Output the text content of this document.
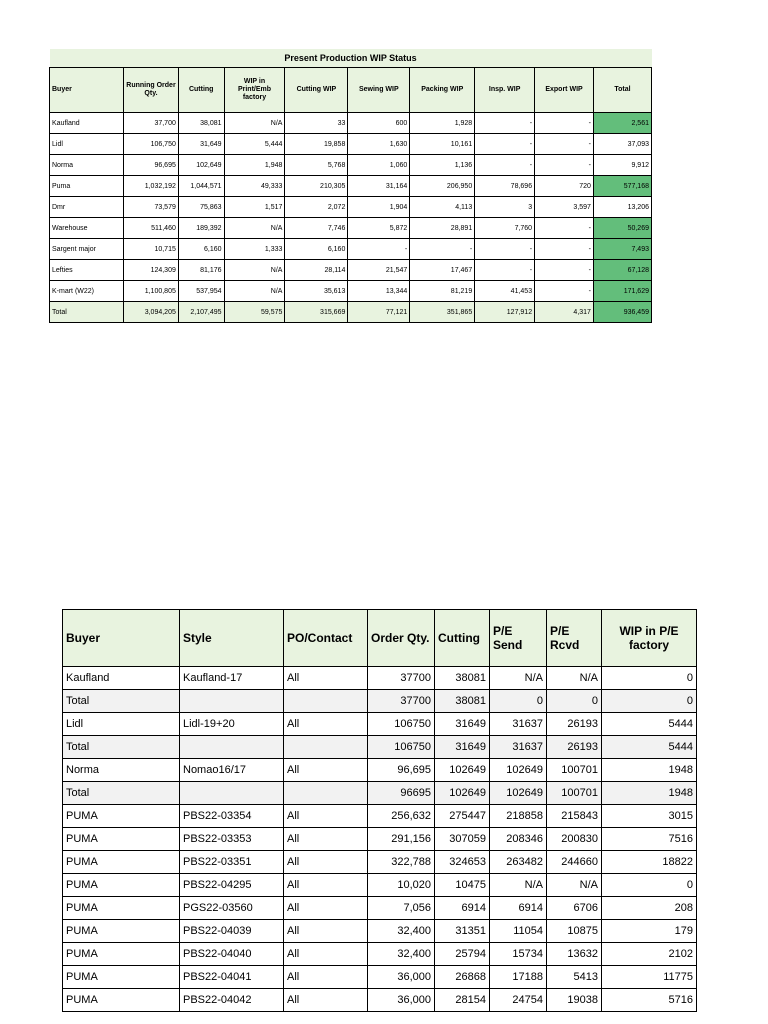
Present Production WIP Status									
Buyer	Running Order Qty.	Cutting	WIP in Print/Emb factory	Cutting WIP	Sewing WIP	Packing WIP	Insp. WIP	Export WIP	Total
Kaufland	37,700	38,081	N/A	33	600	1,928	-	-	2,561
Lidl	106,750	31,649	5,444	19,858	1,630	10,161	-	-	37,093
Norma	96,695	102,649	1,948	5,768	1,060	1,136	-	-	9,912
Puma	1,032,192	1,044,571	49,333	210,305	31,164	206,950	78,696	720	577,168
Dmr	73,579	75,863	1,517	2,072	1,904	4,113	3	3,597	13,206
Warehouse	511,460	189,392	N/A	7,746	5,872	28,891	7,760	-	50,269
Sargent major	10,715	6,160	1,333	6,160	-	-	-	-	7,493
Lefties	124,309	81,176	N/A	28,114	21,547	17,467	-	-	67,128
K-mart (W22)	1,100,805	537,954	N/A	35,613	13,344	81,219	41,453	-	171,629
Total	3,094,205	2,107,495	59,575	315,669	77,121	351,865	127,912	4,317	936,459
Buyer	Style	PO/Contact	Order Qty.	Cutting	P/E Send	P/E Rcvd	WIP in P/E factory
Kaufland	Kaufland-17	All	37700	38081	N/A	N/A	0
Total			37700	38081	0	0	0
Lidl	Lidl-19+20	All	106750	31649	31637	26193	5444
Total			106750	31649	31637	26193	5444
Norma	Nomao16/17	All	96,695	102649	102649	100701	1948
Total			96695	102649	102649	100701	1948
PUMA	PBS22-03354	All	256,632	275447	218858	215843	3015
PUMA	PBS22-03353	All	291,156	307059	208346	200830	7516
PUMA	PBS22-03351	All	322,788	324653	263482	244660	18822
PUMA	PBS22-04295	All	10,020	10475	N/A	N/A	0
PUMA	PGS22-03560	All	7,056	6914	6914	6706	208
PUMA	PBS22-04039	All	32,400	31351	11054	10875	179
PUMA	PBS22-04040	All	32,400	25794	15734	13632	2102
PUMA	PBS22-04041	All	36,000	26868	17188	5413	11775
PUMA	PBS22-04042	All	36,000	28154	24754	19038	5716
